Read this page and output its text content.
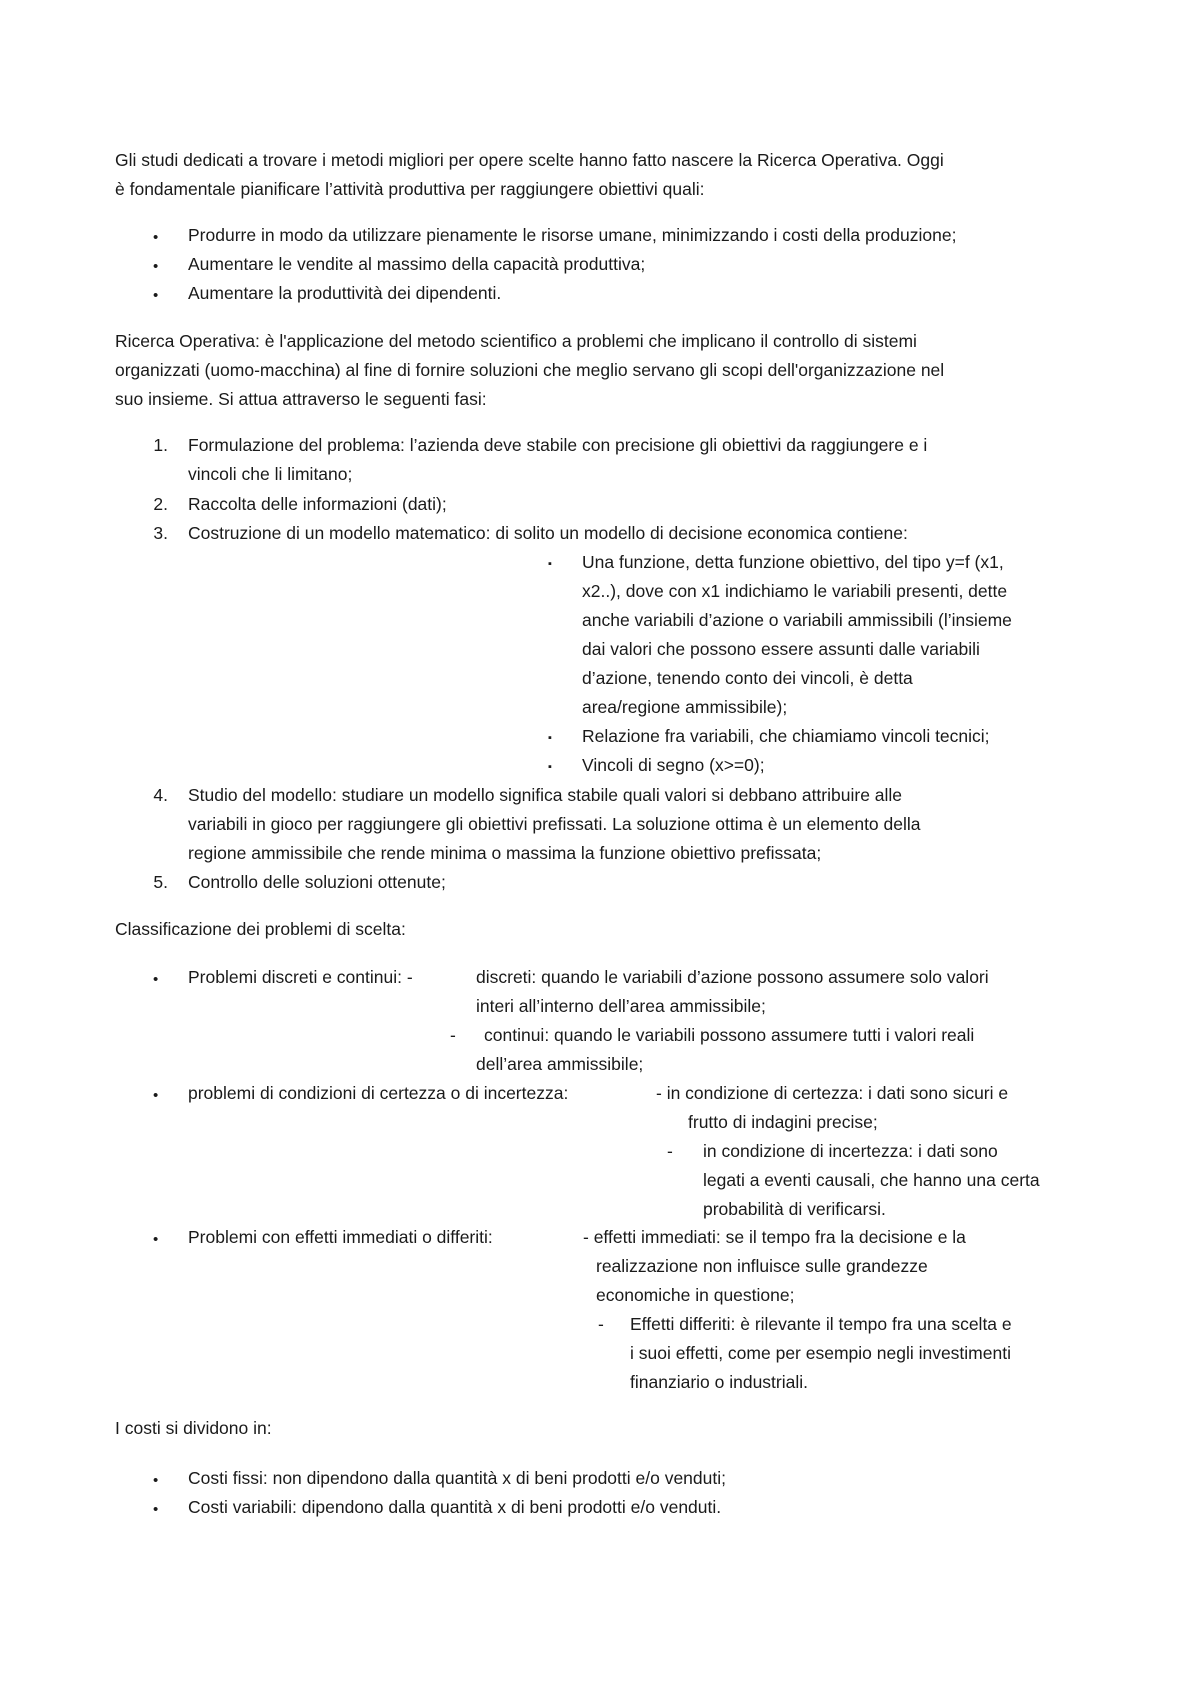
Gli studi dedicati a trovare i metodi migliori per opere scelte hanno fatto nascere la Ricerca Operativa. Oggi
è fondamentale pianificare l’attività produttiva per raggiungere obiettivi quali:
• Produrre in modo da utilizzare pienamente le risorse umane, minimizzando i costi della produzione;
• Aumentare le vendite al massimo della capacità produttiva;
• Aumentare la produttività dei dipendenti.
Ricerca Operativa: è l'applicazione del metodo scientifico a problemi che implicano il controllo di sistemi
organizzati (uomo-macchina) al fine di fornire soluzioni che meglio servano gli scopi dell'organizzazione nel
suo insieme. Si attua attraverso le seguenti fasi:
1. Formulazione del problema: l’azienda deve stabile con precisione gli obiettivi da raggiungere e i
vincoli che li limitano;
2. Raccolta delle informazioni (dati);
3. Costruzione di un modello matematico: di solito un modello di decisione economica contiene:
▪ Una funzione, detta funzione obiettivo, del tipo y=f (x1,
x2..), dove con x1 indichiamo le variabili presenti, dette
anche variabili d’azione o variabili ammissibili (l’insieme
dai valori che possono essere assunti dalle variabili
d’azione, tenendo conto dei vincoli, è detta
area/regione ammissibile);
▪ Relazione fra variabili, che chiamiamo vincoli tecnici;
▪ Vincoli di segno (x>=0);
4. Studio del modello: studiare un modello significa stabile quali valori si debbano attribuire alle
variabili in gioco per raggiungere gli obiettivi prefissati. La soluzione ottima è un elemento della
regione ammissibile che rende minima o massima la funzione obiettivo prefissata;
5. Controllo delle soluzioni ottenute;
Classificazione dei problemi di scelta:
• Problemi discreti e continui: -	discreti: quando le variabili d’azione possono assumere solo valori
interi all’interno dell’area ammissibile;
- continui: quando le variabili possono assumere tutti i valori reali
dell’area ammissibile;
• problemi di condizioni di certezza o di incertezza:	- in condizione di certezza: i dati sono sicuri e
frutto di indagini precise;
- in condizione di incertezza: i dati sono
legati a eventi causali, che hanno una certa
probabilità di verificarsi.
• Problemi con effetti immediati o differiti:	- effetti immediati: se il tempo fra la decisione e la
realizzazione non influisce sulle grandezze
economiche in questione;
- Effetti differiti: è rilevante il tempo fra una scelta e
i suoi effetti, come per esempio negli investimenti
finanziario o industriali.
I costi si dividono in:
• Costi fissi: non dipendono dalla quantità x di beni prodotti e/o venduti;
• Costi variabili: dipendono dalla quantità x di beni prodotti e/o venduti.
